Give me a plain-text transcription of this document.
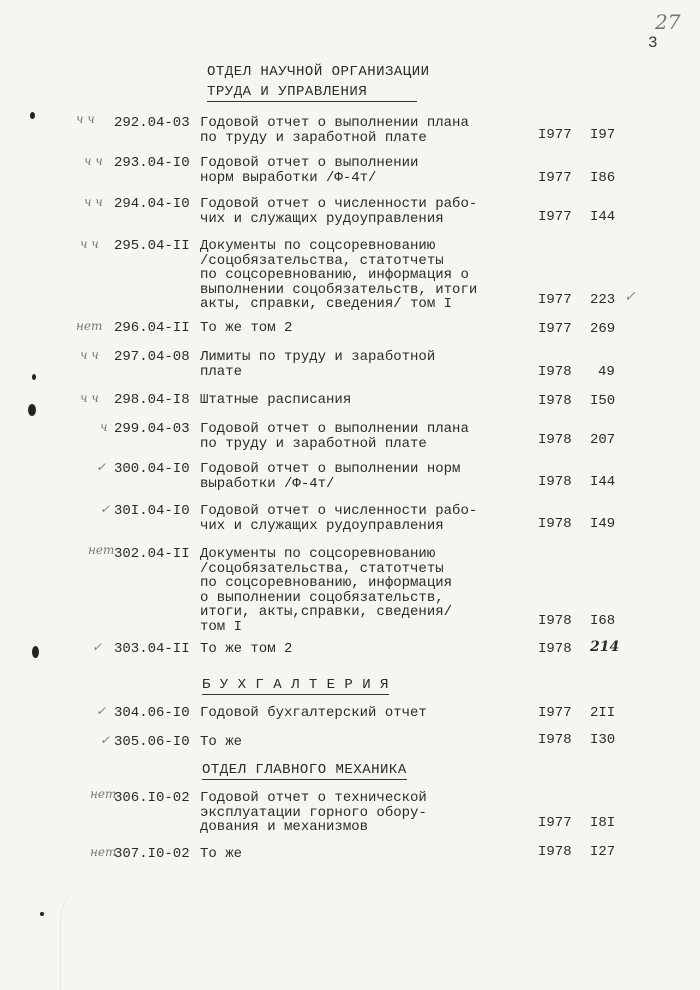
27
3
ОТДЕЛ НАУЧНОЙ ОРГАНИЗАЦИИ
ТРУДА И УПРАВЛЕНИЯ
ч ч 292.04-03 Годовой отчет о выполнении плана
по труду и заработной плате	I977 I97
ч ч 293.04-I0 Годовой отчет о выполнении
норм выработки /Ф-4т/	I977 I86
ч ч 294.04-I0 Годовой отчет о численности рабо-
чих и служащих рудоуправления	I977 I44
ч ч 295.04-II Документы по соцсоревнованию
/соцобязательства, статотчеты
по соцсоревнованию, информация о
выполнении соцобязательств, итоги
акты, справки, сведения/ том I	I977 223 ✓
нет 296.04-II То же том 2	I977 269
ч ч 297.04-08 Лимиты по труду и заработной
плате	I978 49
ч ч 298.04-I8 Штатные расписания	I978 I50
ч 299.04-03 Годовой отчет о выполнении плана
по труду и заработной плате	I978 207
✓ 300.04-I0 Годовой отчет о выполнении норм
выработки /Ф-4т/	I978 I44
✓ 30I.04-I0 Годовой отчет о численности рабо-
чих и служащих рудоуправления	I978 I49
нет 302.04-II Документы по соцсоревнованию
/соцобязательства, статотчеты
по соцсоревнованию, информация
о выполнении соцобязательств,
итоги, акты,справки, сведения/
том I	I978 I68
✓ 303.04-II То же том 2	I978 214
Б У Х Г А Л Т Е Р И Я
✓ 304.06-I0 Годовой бухгалтерский отчет	I977 2II
✓ 305.06-I0 То же	I978 I30
ОТДЕЛ ГЛАВНОГО МЕХАНИКА
нет
306.I0-02 Годовой отчет о технической
эксплуатации горного обору-
дования и механизмов	I977 I8I
нет
307.I0-02 То же	I978 I27
